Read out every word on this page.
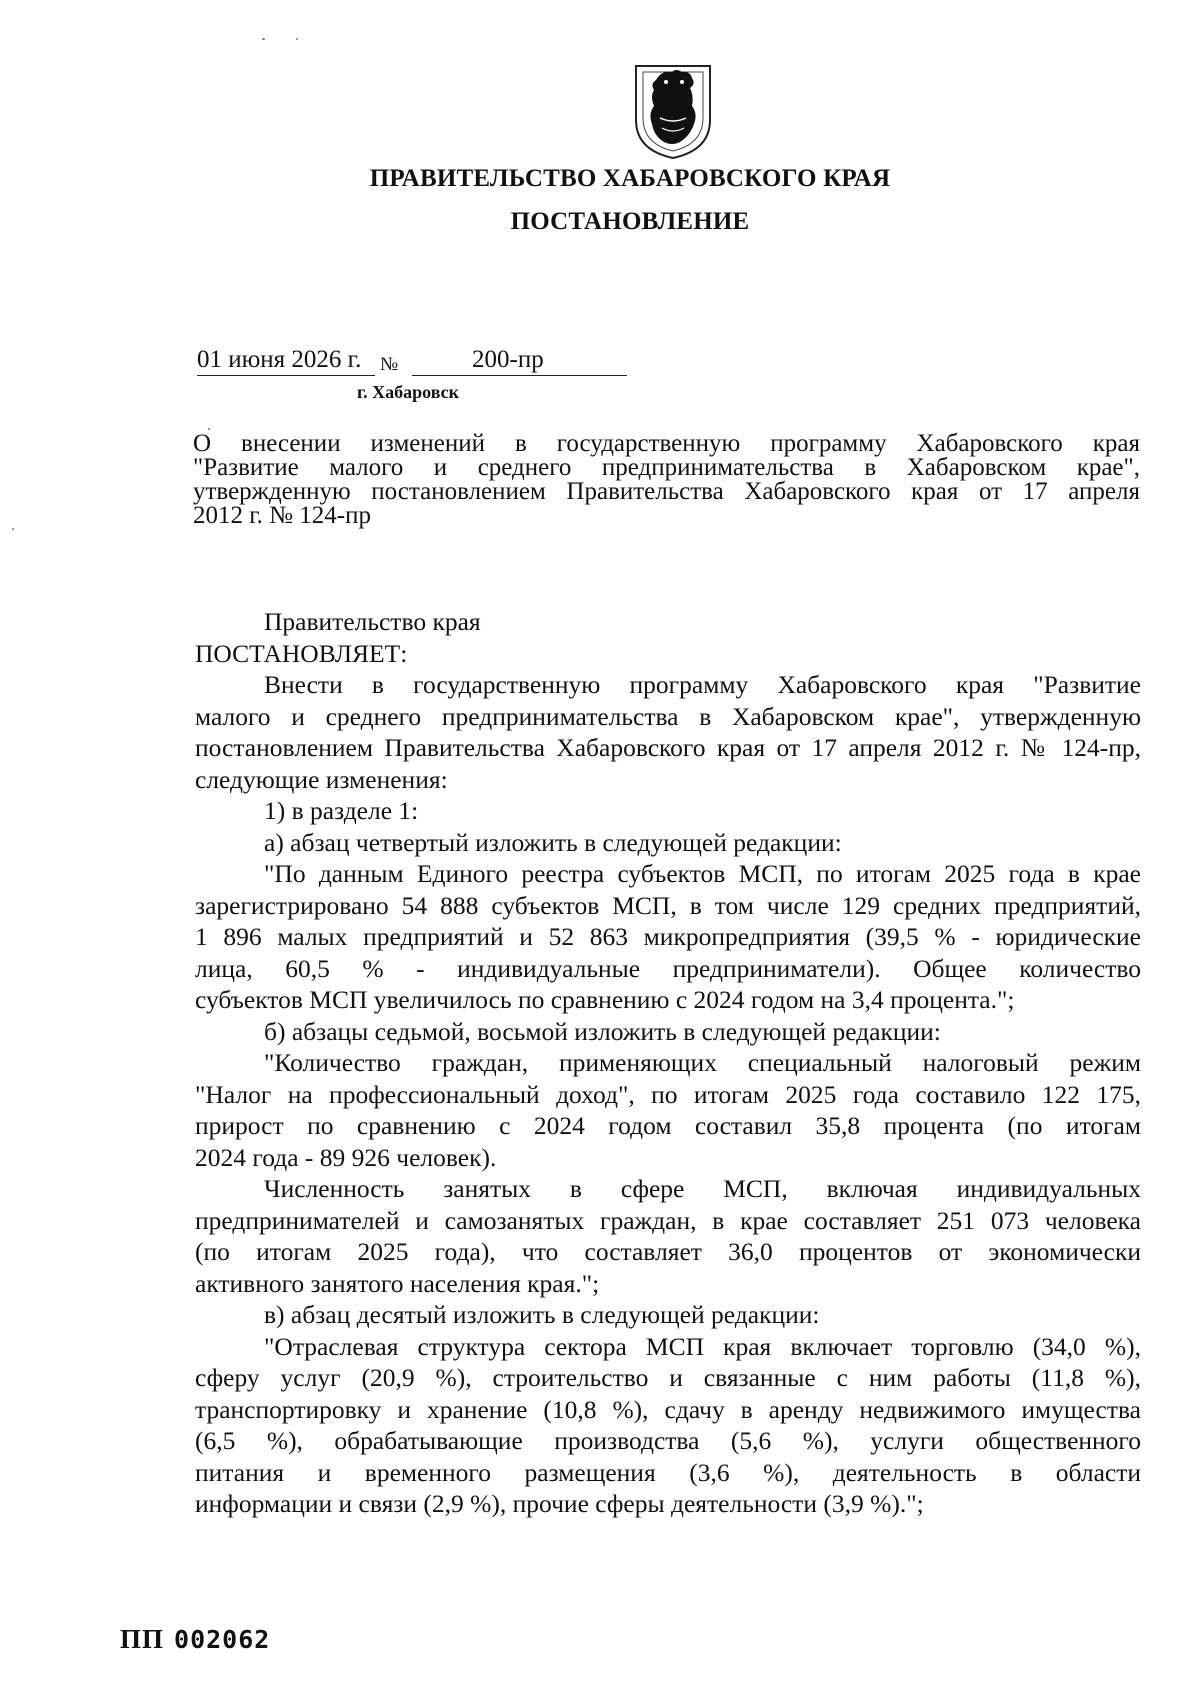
ПРАВИТЕЛЬСТВО ХАБАРОВСКОГО КРАЯ
ПОСТАНОВЛЕНИЕ
01 июня 2026 г. №	200-пр
г. Хабаровск
О внесении изменений в государственную программу Хабаровского края
"Развитие малого и среднего предпринимательства в Хабаровском крае",
утвержденную постановлением Правительства Хабаровского края от 17 апреля
2012 г. № 124-пр
Правительство края
ПОСТАНОВЛЯЕТ:
Внести в государственную программу Хабаровского края "Развитие
малого и среднего предпринимательства в Хабаровском крае", утвержденную
постановлением Правительства Хабаровского края от 17 апреля 2012 г. № 124-пр,
следующие изменения:
1) в разделе 1:
а) абзац четвертый изложить в следующей редакции:
"По данным Единого реестра субъектов МСП, по итогам 2025 года в крае
зарегистрировано 54 888 субъектов МСП, в том числе 129 средних предприятий,
1 896 малых предприятий и 52 863 микропредприятия (39,5 % - юридические
лица, 60,5 % - индивидуальные предприниматели). Общее количество
субъектов МСП увеличилось по сравнению с 2024 годом на 3,4 процента.";
б) абзацы седьмой, восьмой изложить в следующей редакции:
"Количество граждан, применяющих специальный налоговый режим
"Налог на профессиональный доход", по итогам 2025 года составило 122 175,
прирост по сравнению с 2024 годом составил 35,8 процента (по итогам
2024 года - 89 926 человек).
Численность занятых в сфере МСП, включая индивидуальных
предпринимателей и самозанятых граждан, в крае составляет 251 073 человека
(по итогам 2025 года), что составляет 36,0 процентов от экономически
активного занятого населения края.";
в) абзац десятый изложить в следующей редакции:
"Отраслевая структура сектора МСП края включает торговлю (34,0 %),
сферу услуг (20,9 %), строительство и связанные с ним работы (11,8 %),
транспортировку и хранение (10,8 %), сдачу в аренду недвижимого имущества
(6,5 %), обрабатывающие производства (5,6 %), услуги общественного
питания и временного размещения (3,6 %), деятельность в области
информации и связи (2,9 %), прочие сферы деятельности (3,9 %).";
ПП 002062
